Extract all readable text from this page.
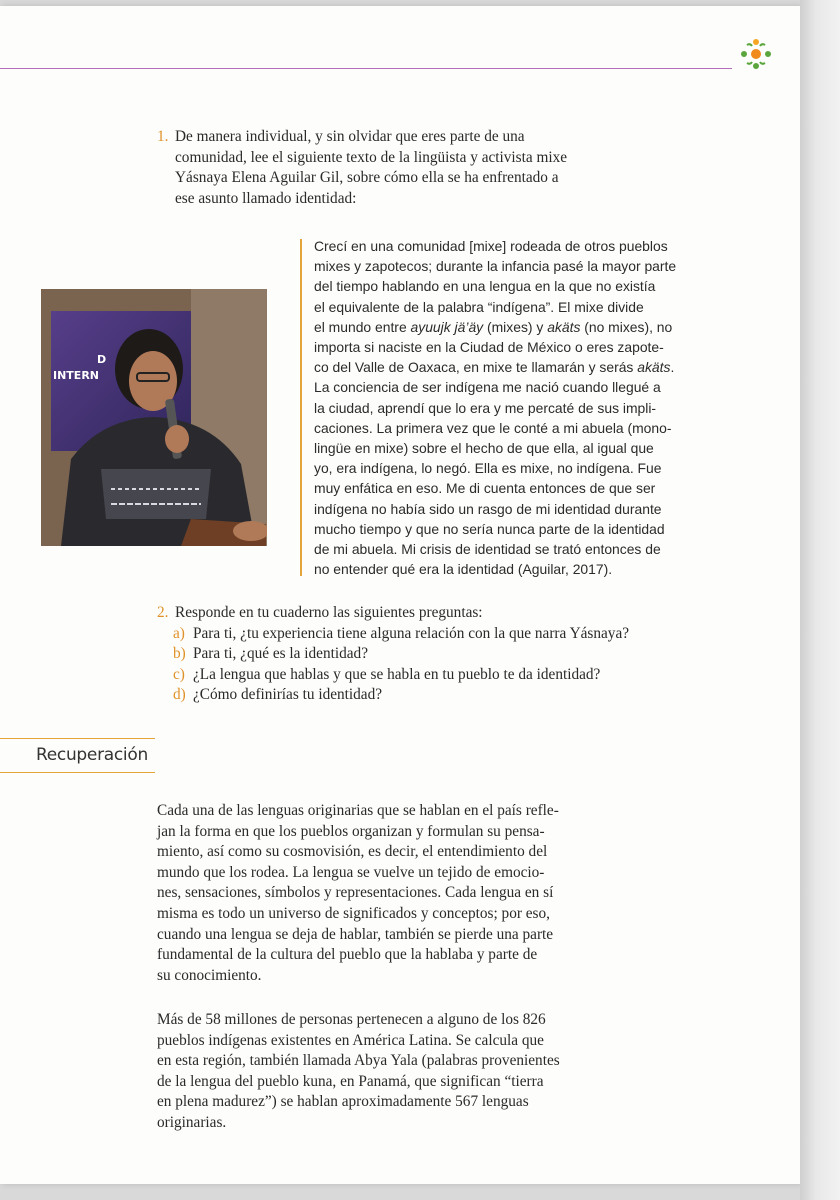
1. De manera individual, y sin olvidar que eres parte de una
comunidad, lee el siguiente texto de la lingüista y activista mixe
Yásnaya Elena Aguilar Gil, sobre cómo ella se ha enfrentado a
ese asunto llamado identidad:
INTERN
D
Crecí en una comunidad [mixe] rodeada de otros pueblos
mixes y zapotecos; durante la infancia pasé la mayor parte
del tiempo hablando en una lengua en la que no existía
el equivalente de la palabra “indígena”. El mixe divide
el mundo entre ayuujk jä’äy (mixes) y akäts (no mixes), no
importa si naciste en la Ciudad de México o eres zapote-
co del Valle de Oaxaca, en mixe te llamarán y serás akäts.
La conciencia de ser indígena me nació cuando llegué a
la ciudad, aprendí que lo era y me percaté de sus impli-
caciones. La primera vez que le conté a mi abuela (mono-
lingüe en mixe) sobre el hecho de que ella, al igual que
yo, era indígena, lo negó. Ella es mixe, no indígena. Fue
muy enfática en eso. Me di cuenta entonces de que ser
indígena no había sido un rasgo de mi identidad durante
mucho tiempo y que no sería nunca parte de la identidad
de mi abuela. Mi crisis de identidad se trató entonces de
no entender qué era la identidad (Aguilar, 2017).
2. Responde en tu cuaderno las siguientes preguntas:
a) Para ti, ¿tu experiencia tiene alguna relación con la que narra Yásnaya?
b) Para ti, ¿qué es la identidad?
c) ¿La lengua que hablas y que se habla en tu pueblo te da identidad?
d) ¿Cómo definirías tu identidad?
Recuperación
Cada una de las lenguas originarias que se hablan en el país refle-
jan la forma en que los pueblos organizan y formulan su pensa-
miento, así como su cosmovisión, es decir, el entendimiento del
mundo que los rodea. La lengua se vuelve un tejido de emocio-
nes, sensaciones, símbolos y representaciones. Cada lengua en sí
misma es todo un universo de significados y conceptos; por eso,
cuando una lengua se deja de hablar, también se pierde una parte
fundamental de la cultura del pueblo que la hablaba y parte de
su conocimiento.
Más de 58 millones de personas pertenecen a alguno de los 826
pueblos indígenas existentes en América Latina. Se calcula que
en esta región, también llamada Abya Yala (palabras provenientes
de la lengua del pueblo kuna, en Panamá, que significan “tierra
en plena madurez”) se hablan aproximadamente 567 lenguas
originarias.
